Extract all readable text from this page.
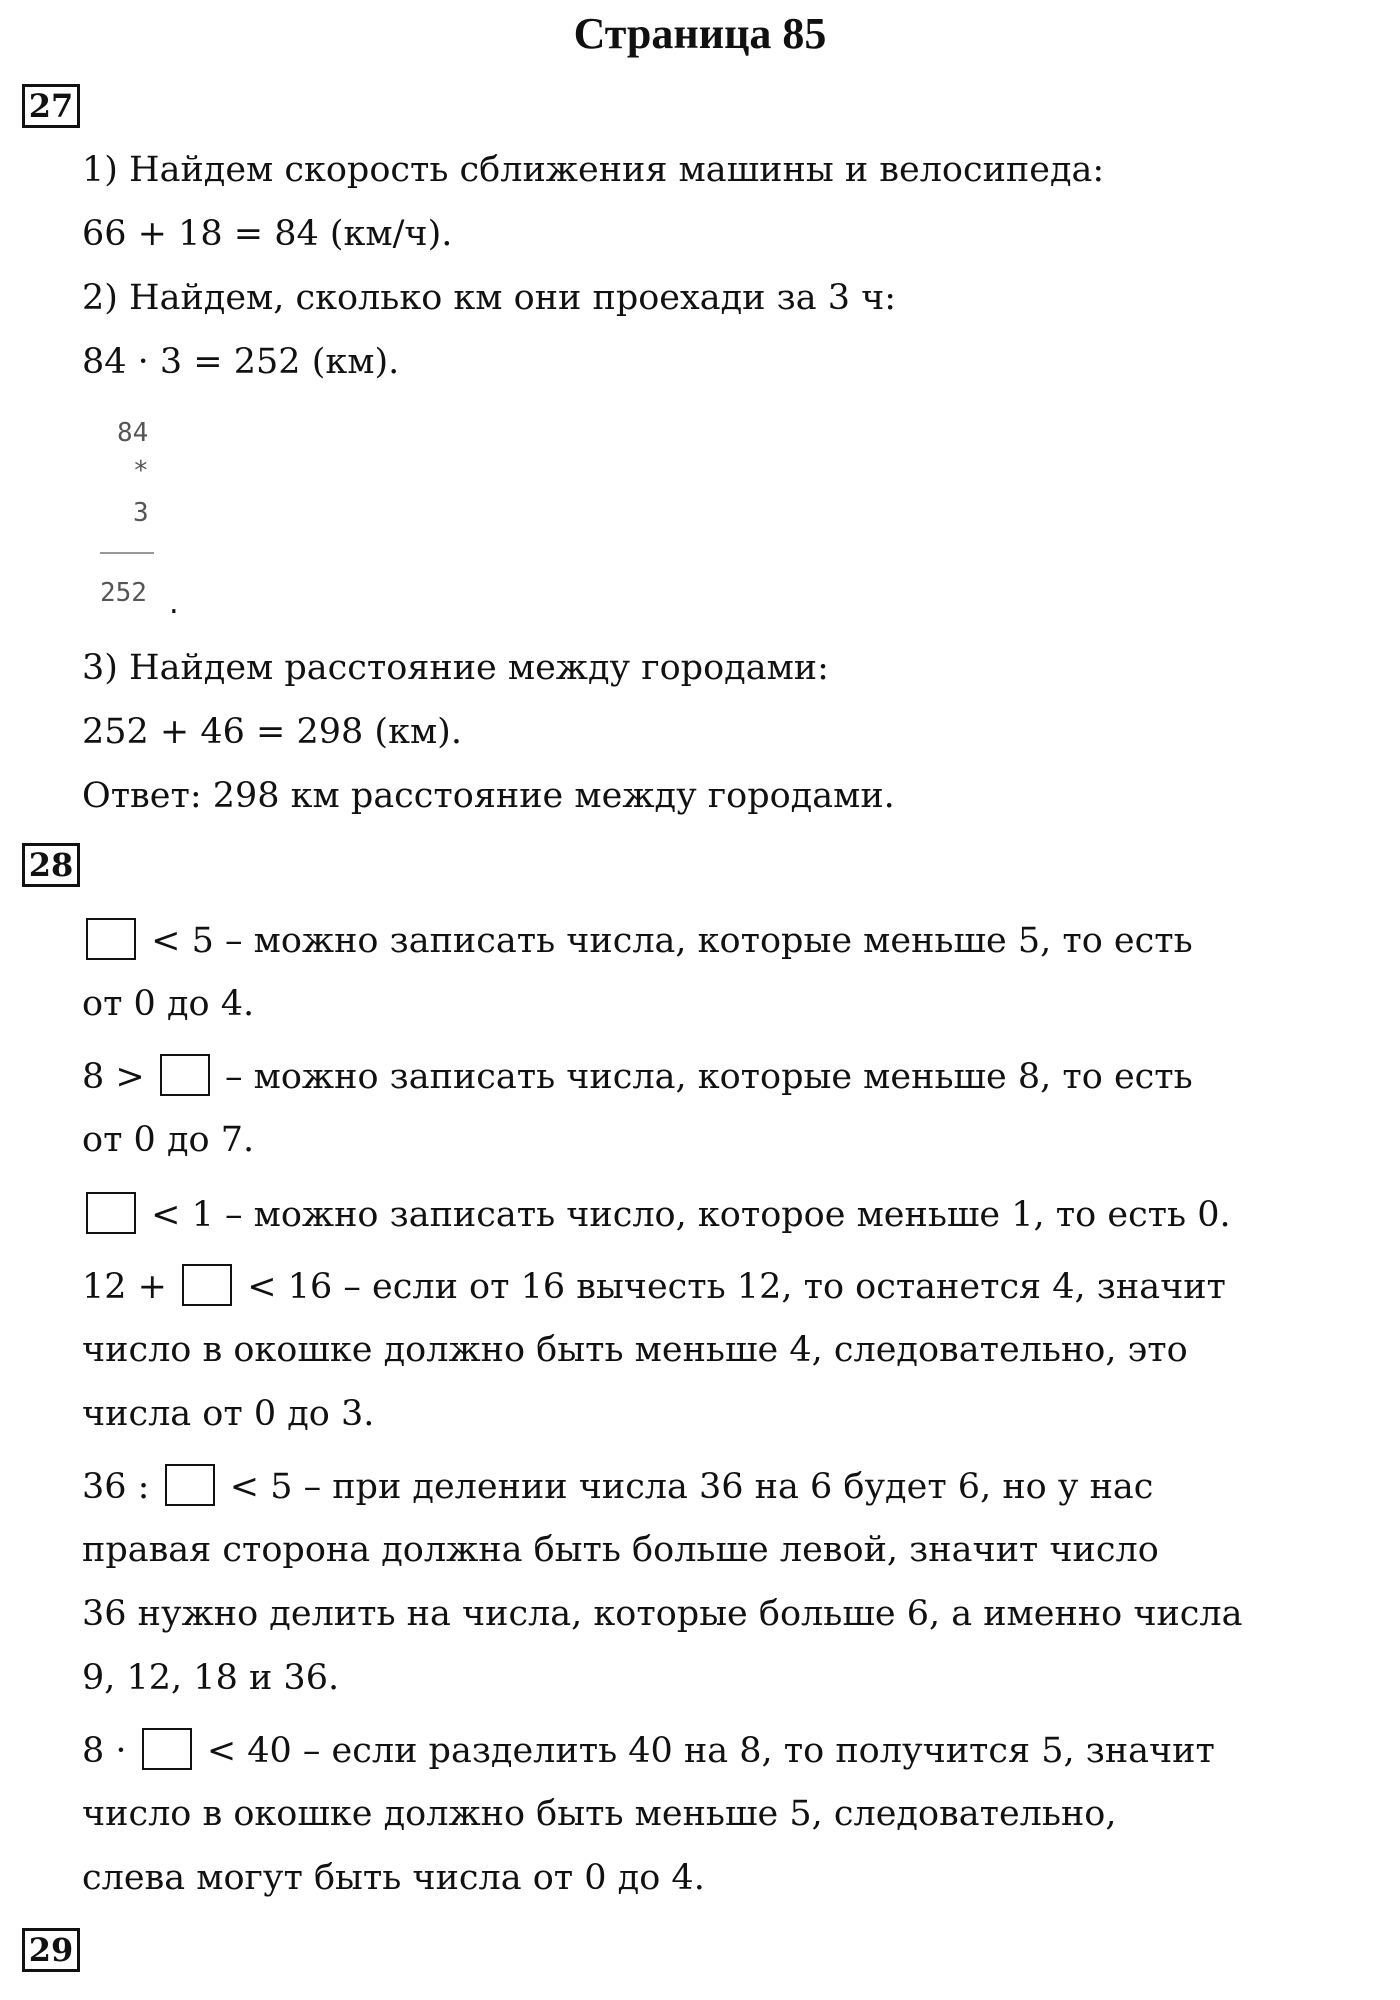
Страница 85
27
1) Найдем скорость сближения машины и велосипеда:
66 + 18 = 84 (км/ч).
2) Найдем, сколько км они проехади за 3 ч:
84 · 3 = 252 (км).
84
*
3
252 .
3) Найдем расстояние между городами:
252 + 46 = 298 (км).
Ответ: 298 км расстояние между городами.
28
< 5 – можно записать числа, которые меньше 5, то есть
от 0 до 4.
8 > – можно записать числа, которые меньше 8, то есть
от 0 до 7.
< 1 – можно записать число, которое меньше 1, то есть 0.
12 + < 16 – если от 16 вычесть 12, то останется 4, значит
число в окошке должно быть меньше 4, следовательно, это
числа от 0 до 3.
36 : < 5 – при делении числа 36 на 6 будет 6, но у нас
правая сторона должна быть больше левой, значит число
36 нужно делить на числа, которые больше 6, а именно числа
9, 12, 18 и 36.
8 · < 40 – если разделить 40 на 8, то получится 5, значит
число в окошке должно быть меньше 5, следовательно,
слева могут быть числа от 0 до 4.
29
